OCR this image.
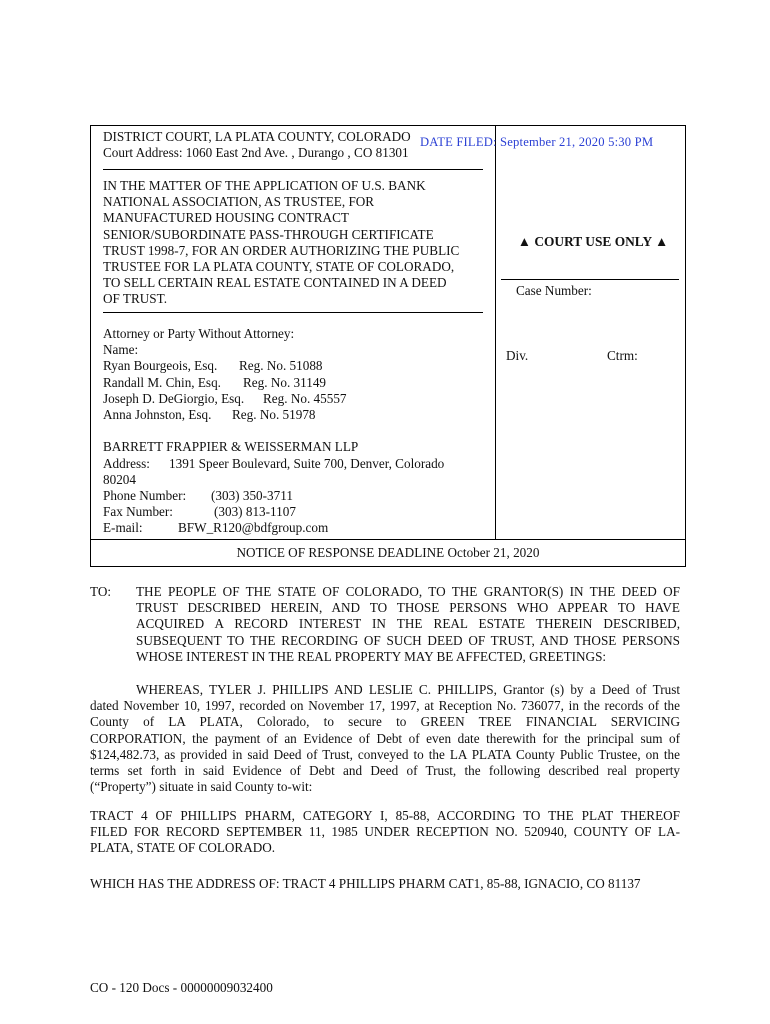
DISTRICT COURT, LA PLATA COUNTY, COLORADO
Court Address: 1060 East 2nd Ave. , Durango , CO 81301
IN THE MATTER OF THE APPLICATION OF U.S. BANK
NATIONAL ASSOCIATION, AS TRUSTEE, FOR
MANUFACTURED HOUSING CONTRACT
SENIOR/SUBORDINATE PASS-THROUGH CERTIFICATE
TRUST 1998-7, FOR AN ORDER AUTHORIZING THE PUBLIC
TRUSTEE FOR LA PLATA COUNTY, STATE OF COLORADO,
TO SELL CERTAIN REAL ESTATE CONTAINED IN A DEED
OF TRUST.
Attorney or Party Without Attorney:
Name:
Ryan Bourgeois, Esq.	Reg. No. 51088
Randall M. Chin, Esq.	Reg. No. 31149
Joseph D. DeGiorgio, Esq.	Reg. No. 45557
Anna Johnston, Esq.	Reg. No. 51978
BARRETT FRAPPIER & WEISSERMAN LLP
Address:	1391 Speer Boulevard, Suite 700, Denver, Colorado
80204
Phone Number:	(303) 350-3711
Fax Number:	(303) 813-1107
E-mail:	BFW_R120@bdfgroup.com
▲ COURT USE ONLY ▲
Case Number:
Div.	Ctrm:
NOTICE OF RESPONSE DEADLINE October 21, 2020
DATE FILED: September 21, 2020 5:30 PM
TO: THE PEOPLE OF THE STATE OF COLORADO, TO THE GRANTOR(S) IN THE DEED OF
TRUST DESCRIBED HEREIN, AND TO THOSE PERSONS WHO APPEAR TO HAVE
ACQUIRED A RECORD INTEREST IN THE REAL ESTATE THEREIN DESCRIBED,
SUBSEQUENT TO THE RECORDING OF SUCH DEED OF TRUST, AND THOSE PERSONS
WHOSE INTEREST IN THE REAL PROPERTY MAY BE AFFECTED, GREETINGS:
WHEREAS, TYLER J. PHILLIPS AND LESLIE C. PHILLIPS, Grantor (s) by a Deed of Trust
dated November 10, 1997, recorded on November 17, 1997, at Reception No. 736077, in the records of the
County of LA PLATA, Colorado, to secure to GREEN TREE FINANCIAL SERVICING
CORPORATION, the payment of an Evidence of Debt of even date therewith for the principal sum of
$124,482.73, as provided in said Deed of Trust, conveyed to the LA PLATA County Public Trustee, on the
terms set forth in said Evidence of Debt and Deed of Trust, the following described real property
(“Property”) situate in said County to-wit:
TRACT 4 OF PHILLIPS PHARM, CATEGORY I, 85-88, ACCORDING TO THE PLAT THEREOF
FILED FOR RECORD SEPTEMBER 11, 1985 UNDER RECEPTION NO. 520940, COUNTY OF LA-
PLATA, STATE OF COLORADO.
WHICH HAS THE ADDRESS OF: TRACT 4 PHILLIPS PHARM CAT1, 85-88, IGNACIO, CO 81137
CO - 120 Docs - 00000009032400
